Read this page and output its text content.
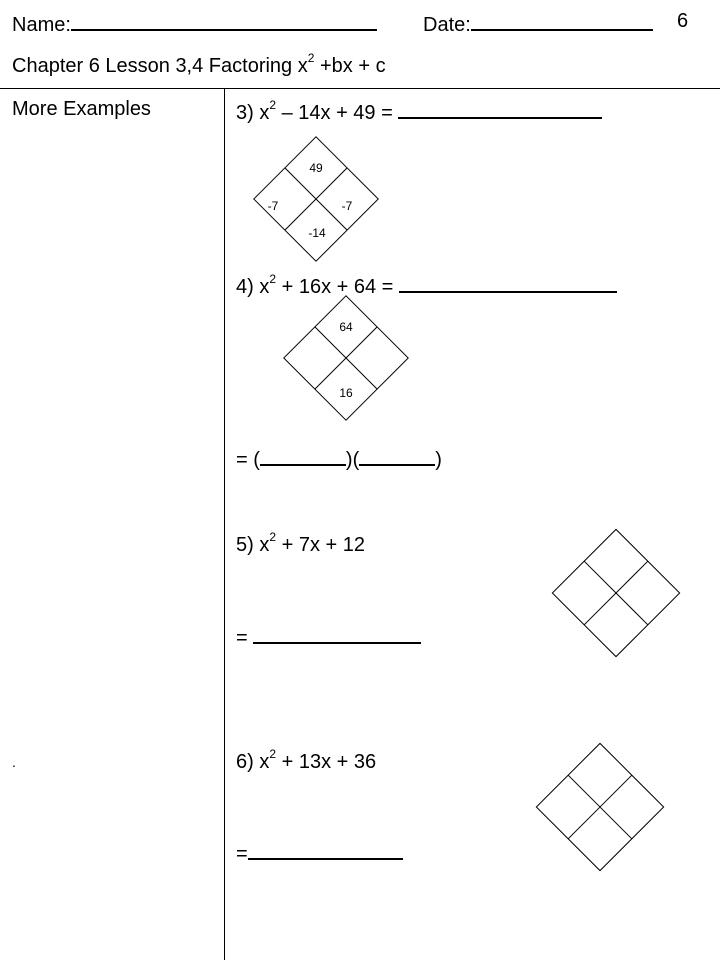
Name:	Date:	6
Chapter 6 Lesson 3,4 Factoring $x^2 +bx + c$
More Examples
.
3) $x^2 - 14x + 49$ =
49
-7	-7
-14
4) $x^2 + 16x + 64$ =
64
16
= (	)(	)
5) $x^2 + 7x + 12$
=
6) $x^2 + 13x + 36$
=
